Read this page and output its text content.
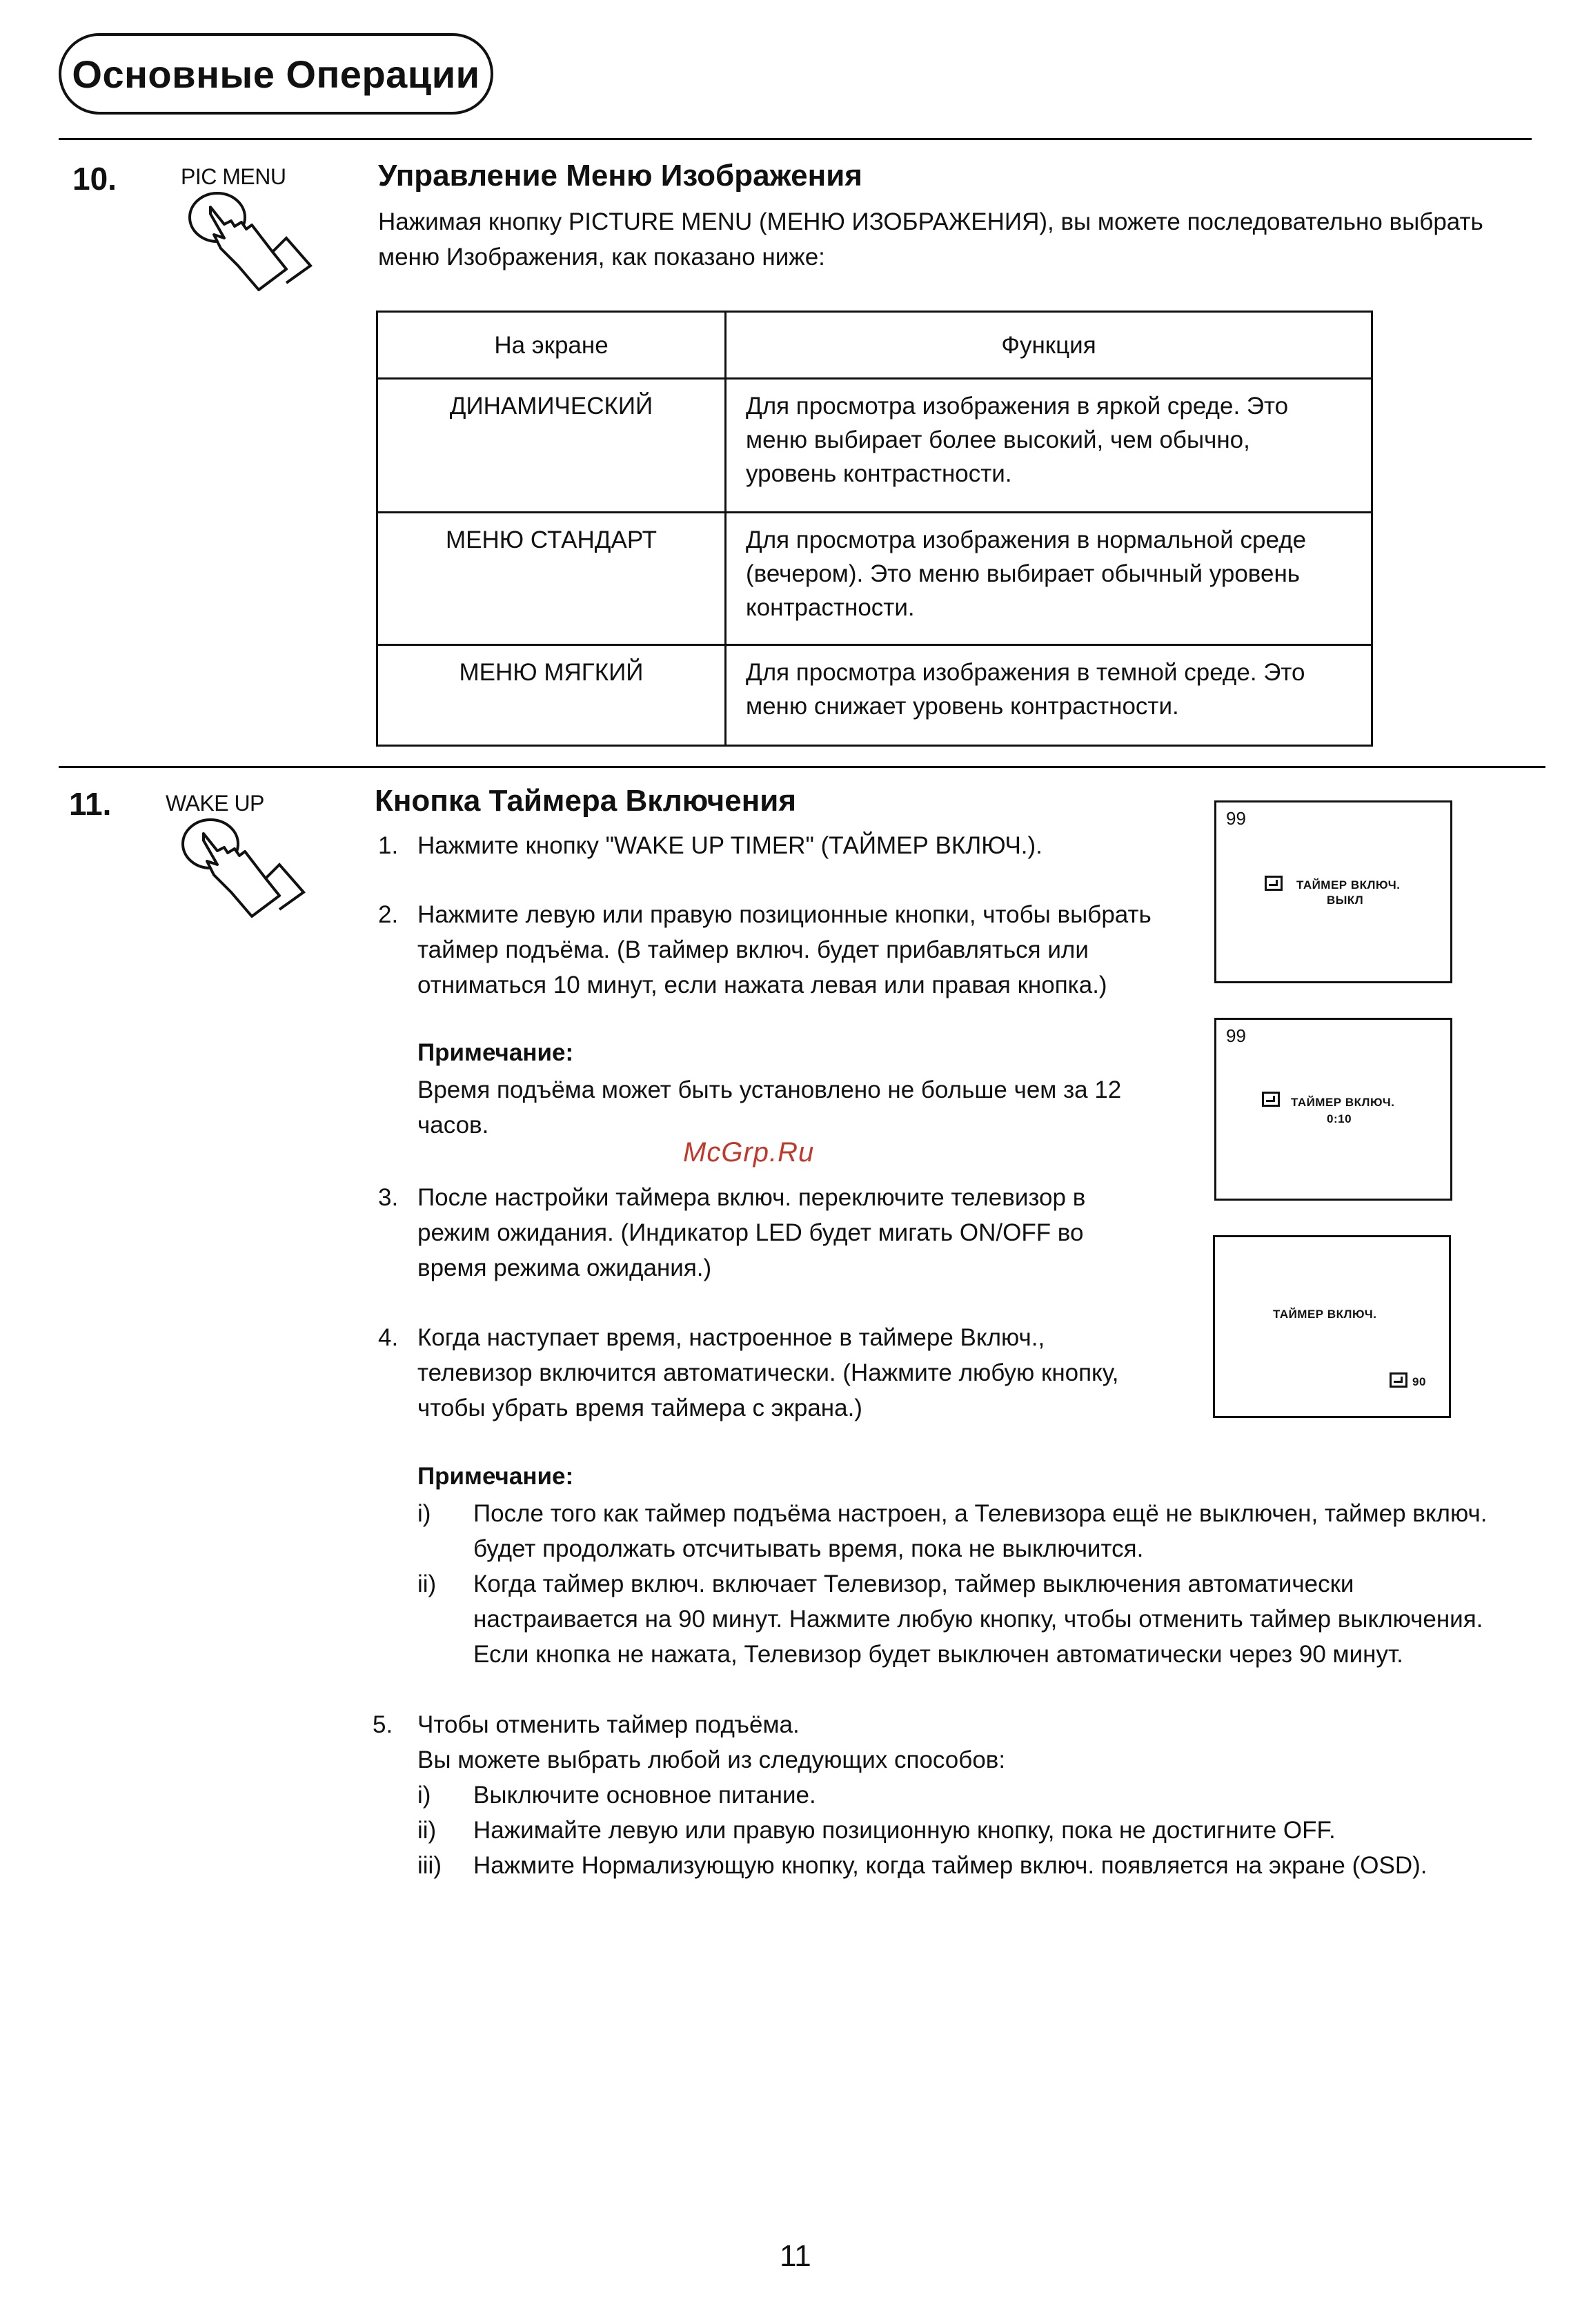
Основные Операции
10.	PIC MENU	Управление Меню Изображения
Нажимая кнопку PICTURE MENU (МЕНЮ ИЗОБРАЖЕНИЯ), вы можете последовательно выбрать
меню Изображения, как показано ниже:
На экране	Функция
ДИНАМИЧЕСКИЙ	Для просмотра изображения в яркой среде. Это
меню выбирает более высокий, чем обычно,
уровень контрастности.

МЕНЮ СТАНДАРТ	Для просмотра изображения в нормальной среде
(вечером). Это меню выбирает обычный уровень
контрастности.

МЕНЮ МЯГКИЙ	Для просмотра изображения в темной среде. Это
меню снижает уровень контрастности.
11. WAKE UP	Кнопка Таймера Включения
1. Нажмите кнопку "WAKE UP TIMER" (ТАЙМЕР ВКЛЮЧ.).
2. Нажмите левую или правую позиционные кнопки, чтобы выбрать
таймер подъёма. (В таймер включ. будет прибавляться или
отниматься 10 минут, если нажата левая или правая кнопка.)
Примечание:
Время подъёма может быть установлено не больше чем за 12
часов.
McGrp.Ru
3. После настройки таймера включ. переключите телевизор в
режим ожидания. (Индикатор LED будет мигать ON/OFF во
время режима ожидания.)
4. Когда наступает время, настроенное в таймере Включ.,
телевизор включится автоматически. (Нажмите любую кнопку,
чтобы убрать время таймера с экрана.)
Примечание:
i) После того как таймер подъёма настроен, а Телевизора ещё не выключен, таймер включ.
будет продолжать отсчитывать время, пока не выключится.
ii) Когда таймер включ. включает Телевизор, таймер выключения автоматически
настраивается на 90 минут. Нажмите любую кнопку, чтобы отменить таймер выключения.
Если кнопка не нажата, Телевизор будет выключен автоматически через 90 минут.
5. Чтобы отменить таймер подъёма.
Вы можете выбрать любой из следующих способов:
i) Выключите основное питание.
ii) Нажимайте левую или правую позиционную кнопку, пока не достигните OFF.
iii) Нажмите Нормализующую кнопку, когда таймер включ. появляется на экране (OSD).
99
ТАЙМЕР ВКЛЮЧ.
ВЫКЛ
99
ТАЙМЕР ВКЛЮЧ.
0:10
ТАЙМЕР ВКЛЮЧ.
90
11
